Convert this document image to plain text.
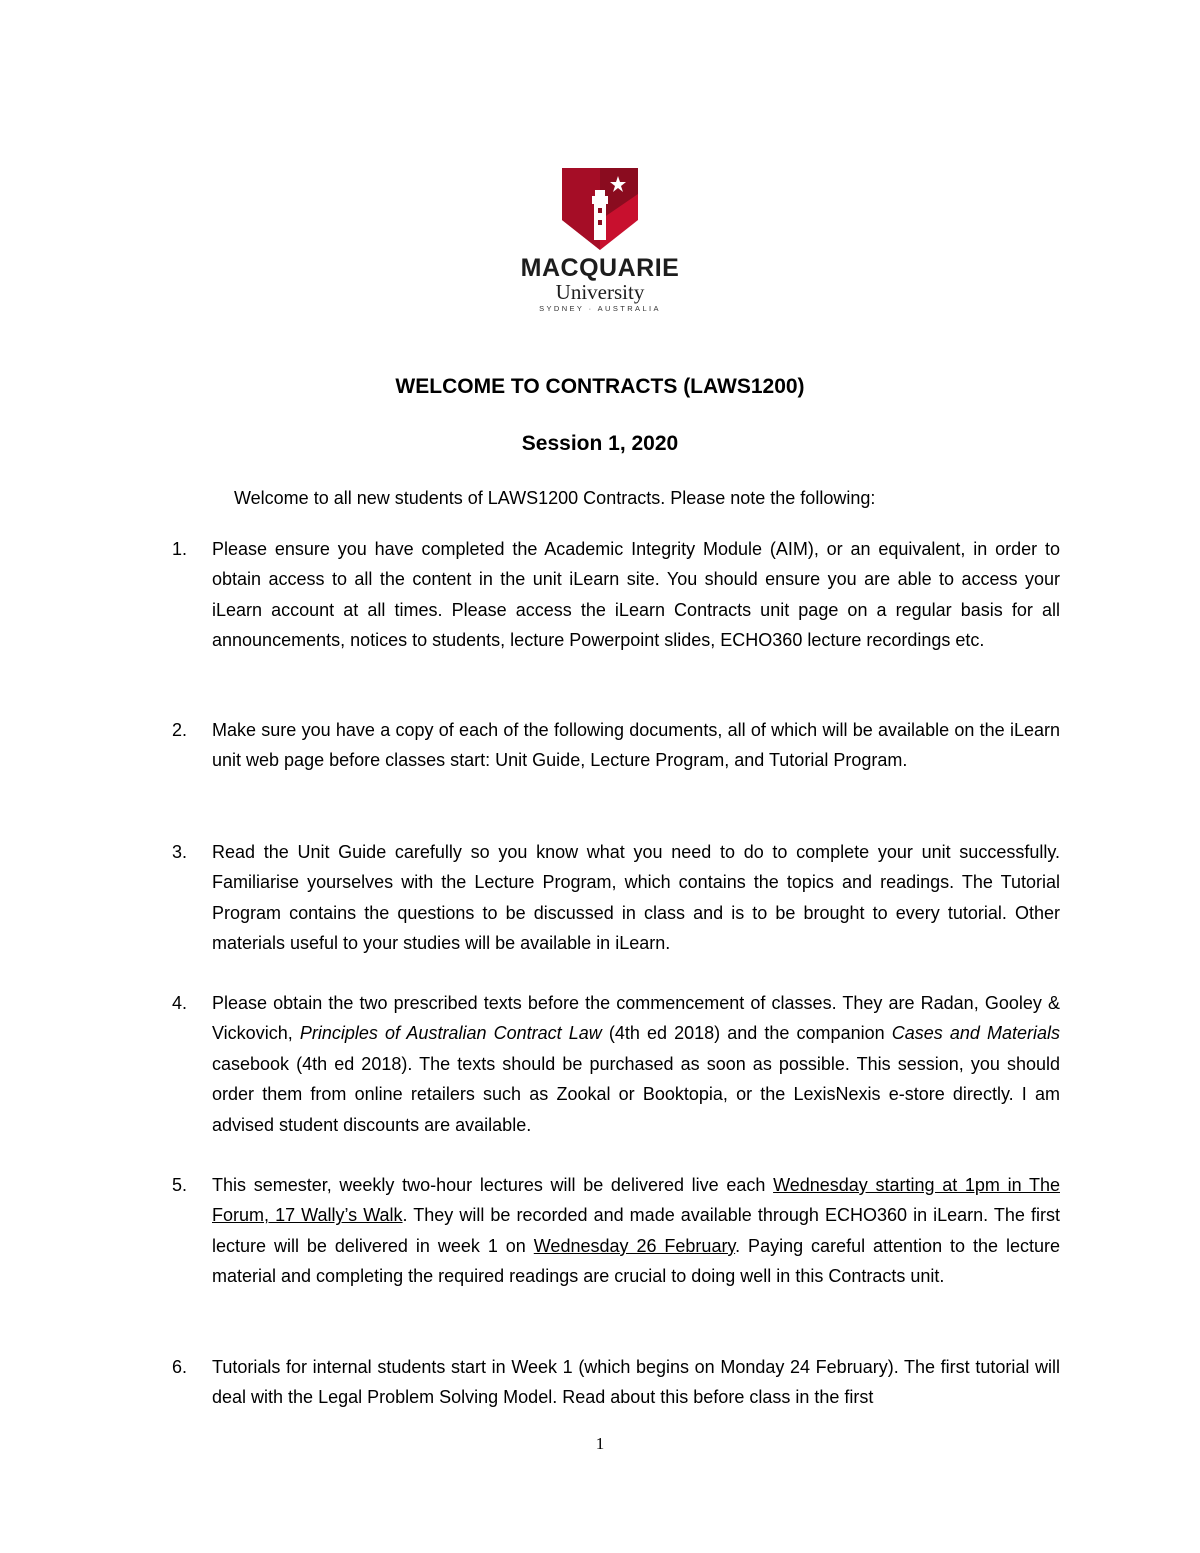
MACQUARIE
University
SYDNEY · AUSTRALIA
WELCOME TO CONTRACTS (LAWS1200)
Session 1, 2020
Welcome to all new students of LAWS1200 Contracts. Please note the following:
1.	Please ensure you have completed the Academic Integrity Module (AIM), or an equivalent, in order to obtain access to all the content in the unit iLearn site. You should ensure you are able to access your iLearn account at all times. Please access the iLearn Contracts unit page on a regular basis for all announcements, notices to students, lecture Powerpoint slides, ECHO360 lecture recordings etc.
2.	Make sure you have a copy of each of the following documents, all of which will be available on the iLearn unit web page before classes start: Unit Guide, Lecture Program, and Tutorial Program.
3.	Read the Unit Guide carefully so you know what you need to do to complete your unit successfully. Familiarise yourselves with the Lecture Program, which contains the topics and readings. The Tutorial Program contains the questions to be discussed in class and is to be brought to every tutorial. Other materials useful to your studies will be available in iLearn.
4.	Please obtain the two prescribed texts before the commencement of classes. They are Radan, Gooley & Vickovich, Principles of Australian Contract Law (4th ed 2018) and the companion Cases and Materials casebook (4th ed 2018). The texts should be purchased as soon as possible. This session, you should order them from online retailers such as Zookal or Booktopia, or the LexisNexis e-store directly. I am advised student discounts are available.
5.	This semester, weekly two-hour lectures will be delivered live each Wednesday starting at 1pm in The Forum, 17 Wally’s Walk. They will be recorded and made available through ECHO360 in iLearn. The first lecture will be delivered in week 1 on Wednesday 26 February. Paying careful attention to the lecture material and completing the required readings are crucial to doing well in this Contracts unit.
6.	Tutorials for internal students start in Week 1 (which begins on Monday 24 February). The first tutorial will deal with the Legal Problem Solving Model. Read about this before class in the first
1
